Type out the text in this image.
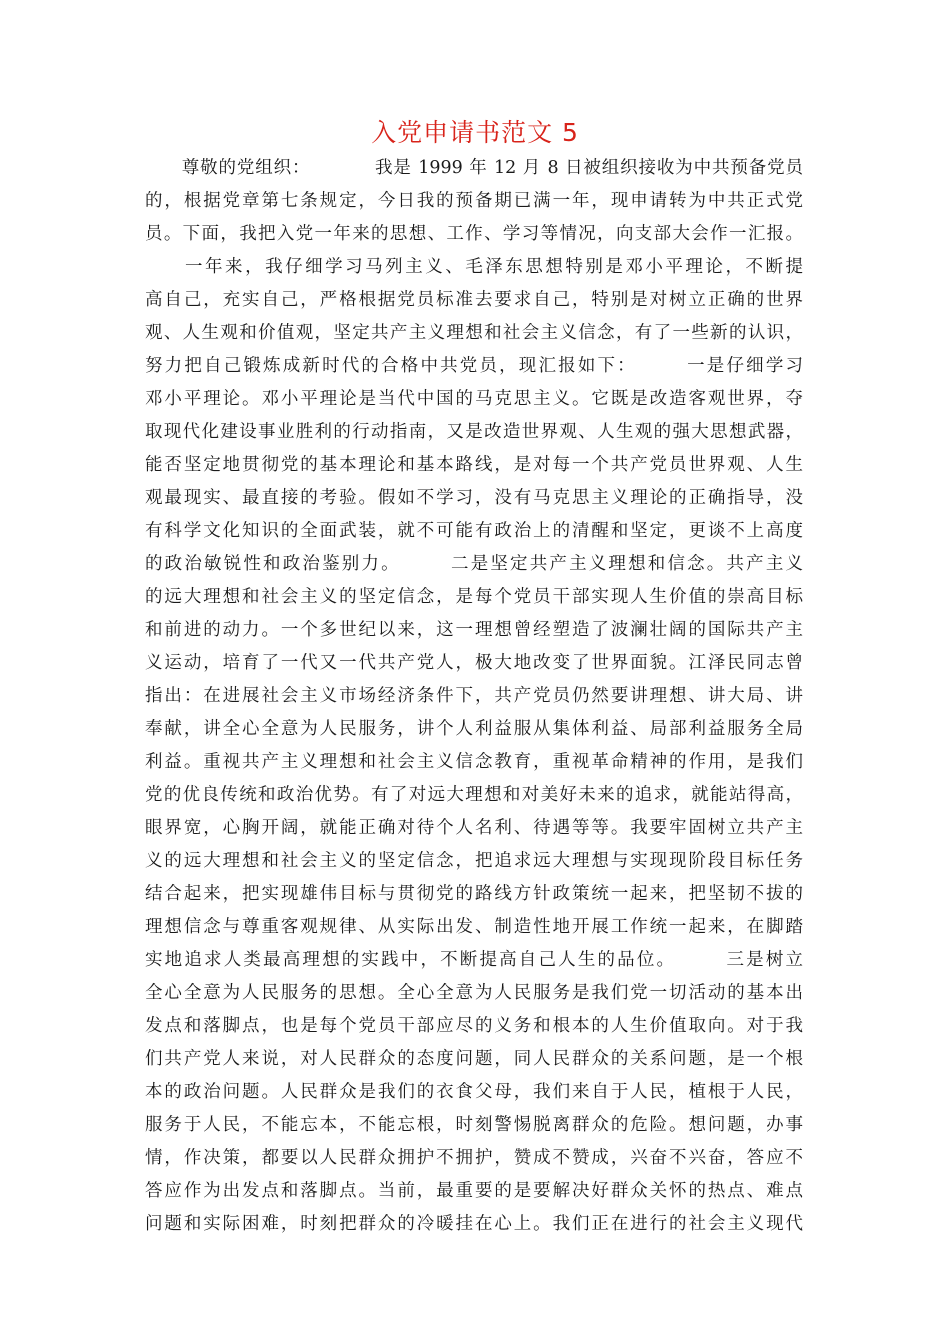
入党申请书范文 5
　　尊敬的党组织：　　　　我是 1999 年 12 月 8 日被组织接收为中共预备党员
的，根据党章第七条规定，今日我的预备期已满一年，现申请转为中共正式党
员。下面，我把入党一年来的思想、工作、学习等情况，向支部大会作一汇报。
　　一年来，我仔细学习马列主义、毛泽东思想特别是邓小平理论，不断提
高自己，充实自己，严格根据党员标准去要求自己，特别是对树立正确的世界
观、人生观和价值观，坚定共产主义理想和社会主义信念，有了一些新的认识，
努力把自己锻炼成新时代的合格中共党员，现汇报如下：　　　一是仔细学习
邓小平理论。邓小平理论是当代中国的马克思主义。它既是改造客观世界，夺
取现代化建设事业胜利的行动指南，又是改造世界观、人生观的强大思想武器，
能否坚定地贯彻党的基本理论和基本路线，是对每一个共产党员世界观、人生
观最现实、最直接的考验。假如不学习，没有马克思主义理论的正确指导，没
有科学文化知识的全面武装，就不可能有政治上的清醒和坚定，更谈不上高度
的政治敏锐性和政治鉴别力。　　　二是坚定共产主义理想和信念。共产主义
的远大理想和社会主义的坚定信念，是每个党员干部实现人生价值的崇高目标
和前进的动力。一个多世纪以来，这一理想曾经塑造了波澜壮阔的国际共产主
义运动，培育了一代又一代共产党人，极大地改变了世界面貌。江泽民同志曾
指出：在进展社会主义市场经济条件下，共产党员仍然要讲理想、讲大局、讲
奉献，讲全心全意为人民服务，讲个人利益服从集体利益、局部利益服务全局
利益。重视共产主义理想和社会主义信念教育，重视革命精神的作用，是我们
党的优良传统和政治优势。有了对远大理想和对美好未来的追求，就能站得高，
眼界宽，心胸开阔，就能正确对待个人名利、待遇等等。我要牢固树立共产主
义的远大理想和社会主义的坚定信念，把追求远大理想与实现现阶段目标任务
结合起来，把实现雄伟目标与贯彻党的路线方针政策统一起来，把坚韧不拔的
理想信念与尊重客观规律、从实际出发、制造性地开展工作统一起来，在脚踏
实地追求人类最高理想的实践中，不断提高自己人生的品位。　　　三是树立
全心全意为人民服务的思想。全心全意为人民服务是我们党一切活动的基本出
发点和落脚点，也是每个党员干部应尽的义务和根本的人生价值取向。对于我
们共产党人来说，对人民群众的态度问题，同人民群众的关系问题，是一个根
本的政治问题。人民群众是我们的衣食父母，我们来自于人民，植根于人民，
服务于人民，不能忘本，不能忘根，时刻警惕脱离群众的危险。想问题，办事
情，作决策，都要以人民群众拥护不拥护，赞成不赞成，兴奋不兴奋，答应不
答应作为出发点和落脚点。当前，最重要的是要解决好群众关怀的热点、难点
问题和实际困难，时刻把群众的冷暖挂在心上。我们正在进行的社会主义现代
